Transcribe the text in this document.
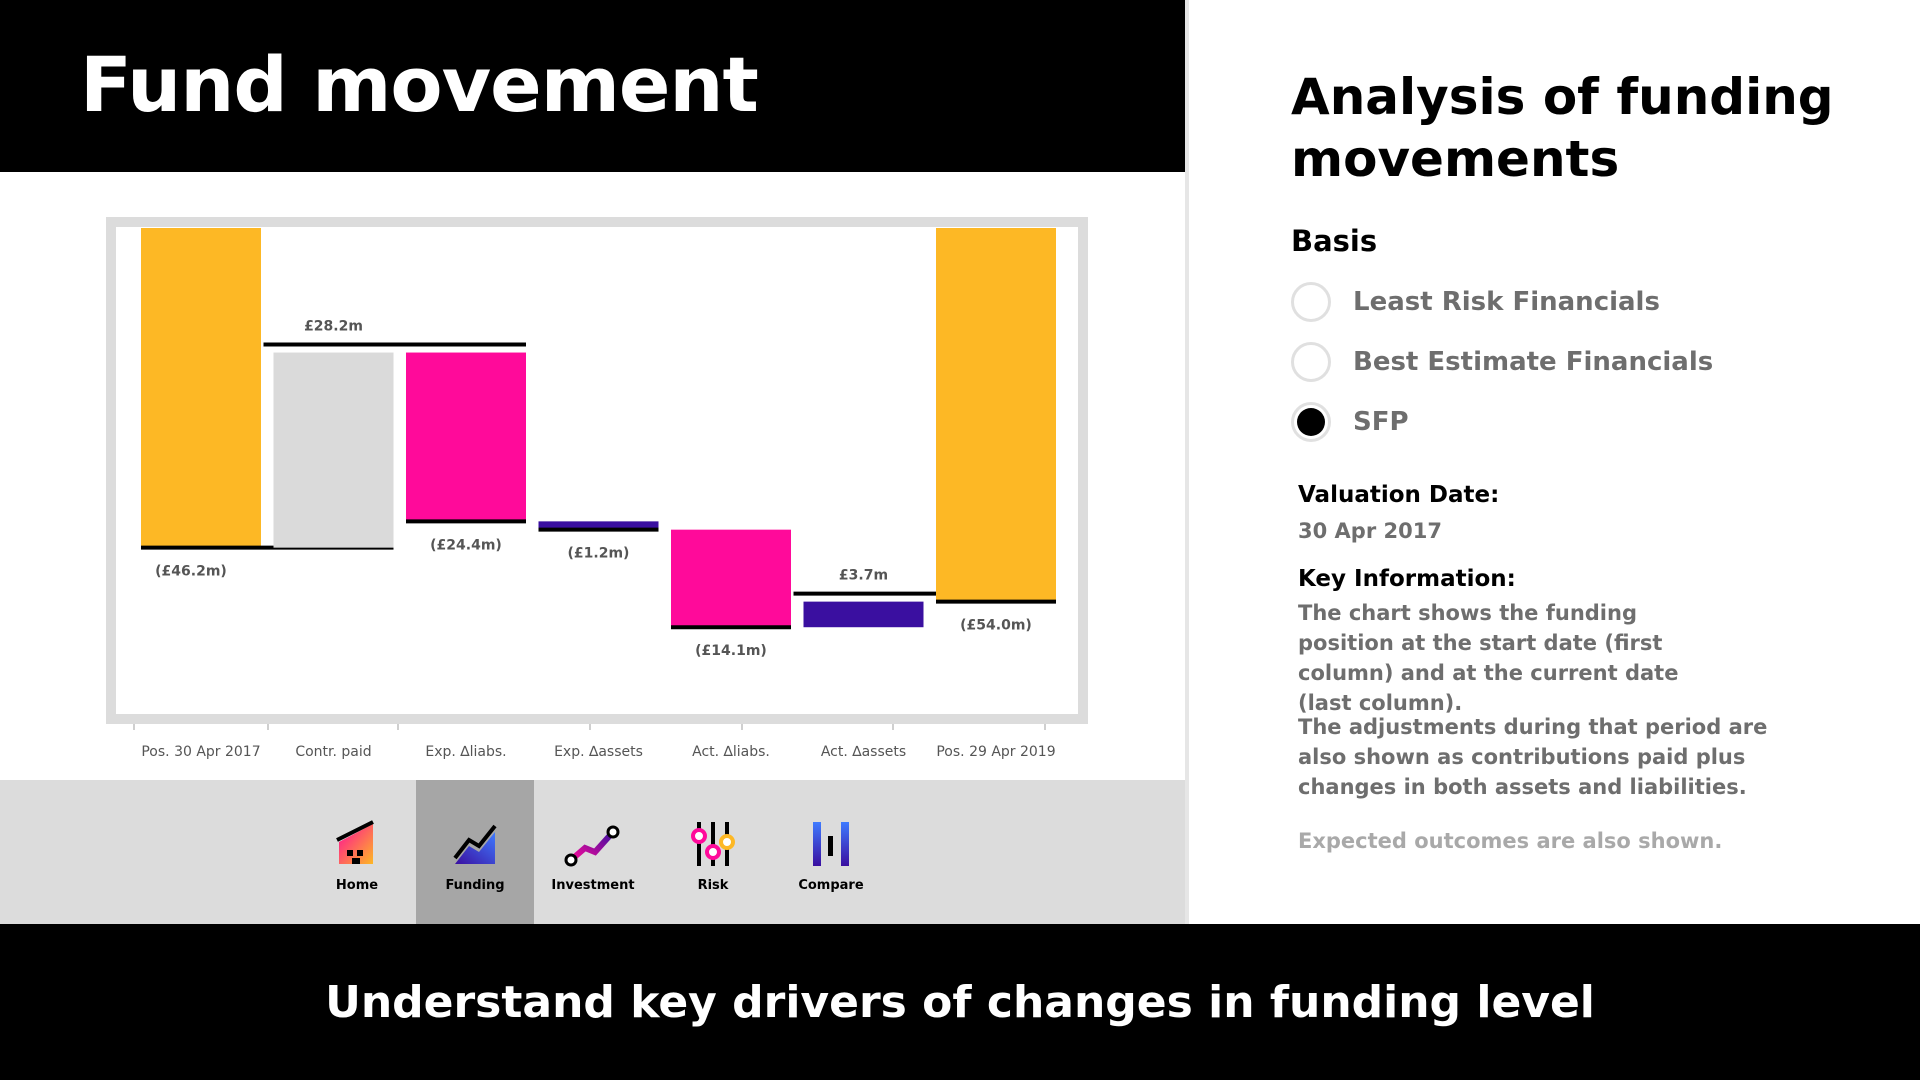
Fund movement
(£46.2m)
Pos. 30 Apr 2017
£28.2m
Contr. paid
(£24.4m)
Exp. ∆liabs.
(£1.2m)
Exp. ∆assets
(£14.1m)
Act. ∆liabs.
£3.7m
Act. ∆assets
(£54.0m)
Pos. 29 Apr 2019
Home	Funding	Investment	Risk	Compare
Analysis of funding movements
Basis
Least Risk Financials
Best Estimate Financials
SFP
Valuation Date:
30 Apr 2017
Key Information:
The chart shows the funding position at the start date (first column) and at the current date (last column).
The adjustments during that period are also shown as contributions paid plus changes in both assets and liabilities.
Expected outcomes are also shown.
Understand key drivers of changes in funding level
